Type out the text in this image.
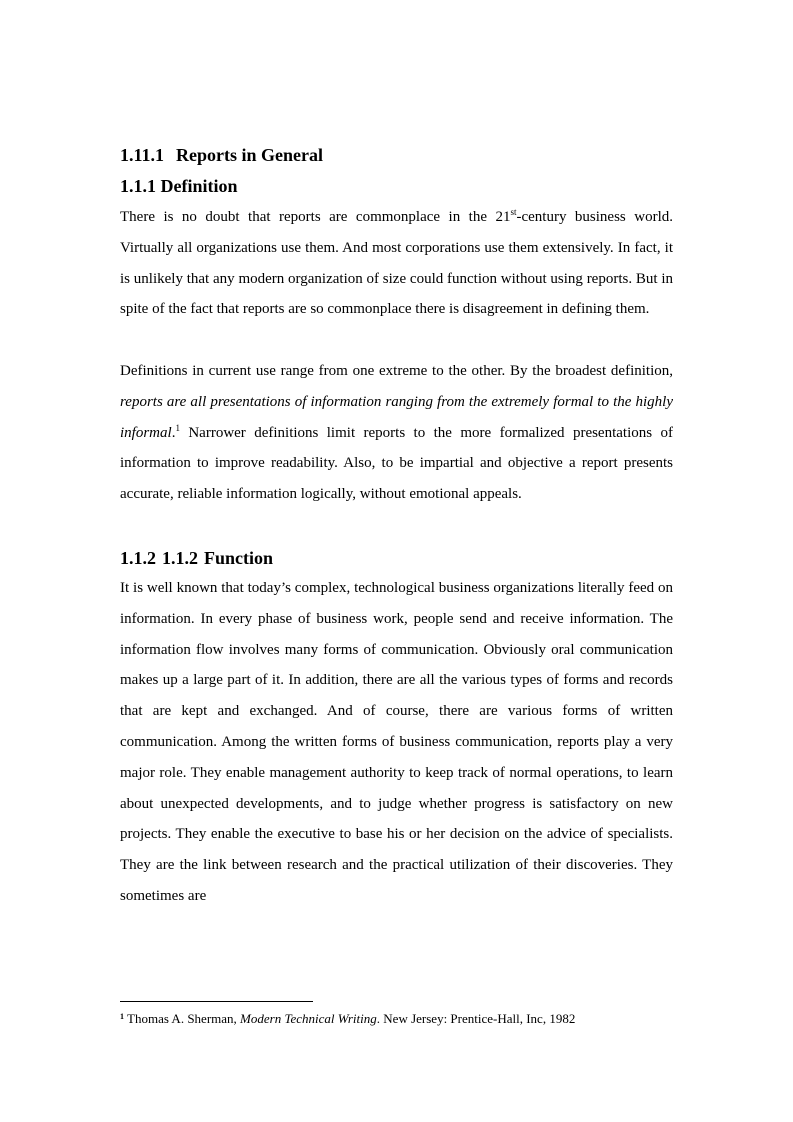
1.11.1 Reports in General
1.1.1 Definition

There is no doubt that reports are commonplace in the 21st-century business world. Virtually all organizations use them. And most corporations use them extensively. In fact, it is unlikely that any modern organization of size could function without using reports. But in spite of the fact that reports are so commonplace there is disagreement in defining them.

Definitions in current use range from one extreme to the other. By the broadest definition, reports are all presentations of information ranging from the extremely formal to the highly informal.$^1$ Narrower definitions limit reports to the more formalized presentations of information to improve readability. Also, to be impartial and objective a report presents accurate, reliable information logically, without emotional appeals.

1.1.2 1.1.2 Function

It is well known that today’s complex, technological business organizations literally feed on information. In every phase of business work, people send and receive information. The information flow involves many forms of communication. Obviously oral communication makes up a large part of it. In addition, there are all the various types of forms and records that are kept and exchanged. And of course, there are various forms of written communication. Among the written forms of business communication, reports play a very major role. They enable management authority to keep track of normal operations, to learn about unexpected developments, and to judge whether progress is satisfactory on new projects. They enable the executive to base his or her decision on the advice of specialists. They are the link between research and the practical utilization of their discoveries. They sometimes are

$^1$ Thomas A. Sherman, Modern Technical Writing. New Jersey: Prentice-Hall, Inc, 1982
